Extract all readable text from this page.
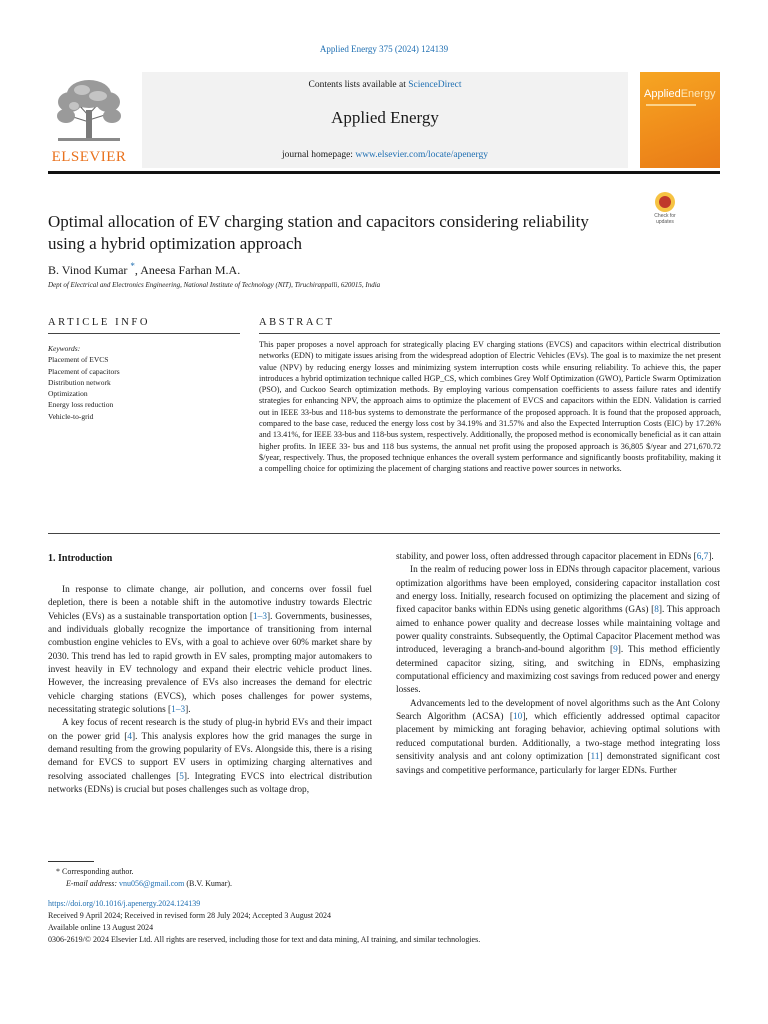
Applied Energy 375 (2024) 124139
ELSEVIER
Contents lists available at ScienceDirect
Applied Energy
journal homepage: www.elsevier.com/locate/apenergy
AppliedEnergy
Optimal allocation of EV charging station and capacitors considering reliability using a hybrid optimization approach
Check for updates
B. Vinod Kumar *, Aneesa Farhan M.A.
Dept of Electrical and Electronics Engineering, National Institute of Technology (NIT), Tiruchirappalli, 620015, India
ARTICLE INFO	ABSTRACT
Keywords:
Placement of EVCS
Placement of capacitors
Distribution network
Optimization
Energy loss reduction
Vehicle-to-grid
This paper proposes a novel approach for strategically placing EV charging stations (EVCS) and capacitors within electrical distribution networks (EDN) to mitigate issues arising from the widespread adoption of Electric Vehicles (EVs). The goal is to maximize the net present value (NPV) by reducing energy losses and minimizing system interruption costs while ensuring reliability. To achieve this, the paper introduces a hybrid optimization technique called HGP_CS, which combines Grey Wolf Optimization (GWO), Particle Swarm Optimization (PSO), and Cuckoo Search optimization methods. By employing various compensation coefficients to assess failure rates and identify strategies for enhancing NPV, the approach aims to optimize the placement of EVCS and capacitors within the EDN. Validation is carried out in IEEE 33-bus and 118-bus systems to demonstrate the performance of the proposed approach. It is found that the proposed approach, compared to the base case, reduced the energy loss cost by 34.19% and 31.57% and also the Expected Interruption Costs (EIC) by 17.26% and 13.41%, for IEEE 33-bus and 118-bus system, respectively. Additionally, the proposed method is economically beneficial as it can attain higher profits. In IEEE 33- bus and 118 bus systems, the annual net profit using the proposed approach is 36,805 $/year and 271,670.72 $/year, respectively. Thus, the proposed technique enhances the overall system performance and significantly boosts profitability, making it a compelling choice for optimizing the placement of charging stations and reactive power sources in networks.
1. Introduction

In response to climate change, air pollution, and concerns over fossil fuel depletion, there is been a notable shift in the automotive industry towards Electric Vehicles (EVs) as a sustainable transportation option [1–3]. Governments, businesses, and individuals globally recognize the importance of transitioning from internal combustion engine vehicles to EVs, with a goal to achieve over 60% market share by 2030. This trend has led to rapid growth in EV sales, prompting major automakers to invest heavily in EV technology and expand their electric vehicle product lines. However, the increasing prevalence of EVs also increases the demand for electric vehicle charging stations (EVCS), which poses challenges for power systems, necessitating strategic solutions [1–3].

A key focus of recent research is the study of plug-in hybrid EVs and their impact on the power grid [4]. This analysis explores how the grid manages the surge in demand resulting from the growing popularity of EVs. Alongside this, there is a rising demand for EVCS to support EV users in optimizing charging alternatives and resolving associated challenges [5]. Integrating EVCS into electrical distribution networks (EDNs) is crucial but poses challenges such as voltage drop,

stability, and power loss, often addressed through capacitor placement in EDNs [6,7].

In the realm of reducing power loss in EDNs through capacitor placement, various optimization algorithms have been employed, considering capacitor installation cost and energy loss. Initially, research focused on optimizing the placement and sizing of fixed capacitor banks within EDNs using genetic algorithms (GAs) [8]. This approach aimed to enhance power quality and decrease losses while maintaining voltage and power quality constraints. Subsequently, the Optimal Capacitor Placement method was introduced, leveraging a branch-and-bound algorithm [9]. This method efficiently determined capacitor sizing, siting, and switching in EDNs, emphasizing computational efficiency and maximizing cost savings from reduced power and energy losses.

Advancements led to the development of novel algorithms such as the Ant Colony Search Algorithm (ACSA) [10], which efficiently addressed optimal capacitor placement by mimicking ant foraging behavior, achieving optimal solutions with reduced computational burden. Additionally, a two-stage method integrating loss sensitivity analysis and ant colony optimization [11] demonstrated significant cost savings and competitive performance, particularly for larger EDNs. Further

* Corresponding author.
E-mail address: vnu056@gmail.com (B.V. Kumar).
https://doi.org/10.1016/j.apenergy.2024.124139
Received 9 April 2024; Received in revised form 28 July 2024; Accepted 3 August 2024
Available online 13 August 2024
0306-2619/© 2024 Elsevier Ltd. All rights are reserved, including those for text and data mining, AI training, and similar technologies.
